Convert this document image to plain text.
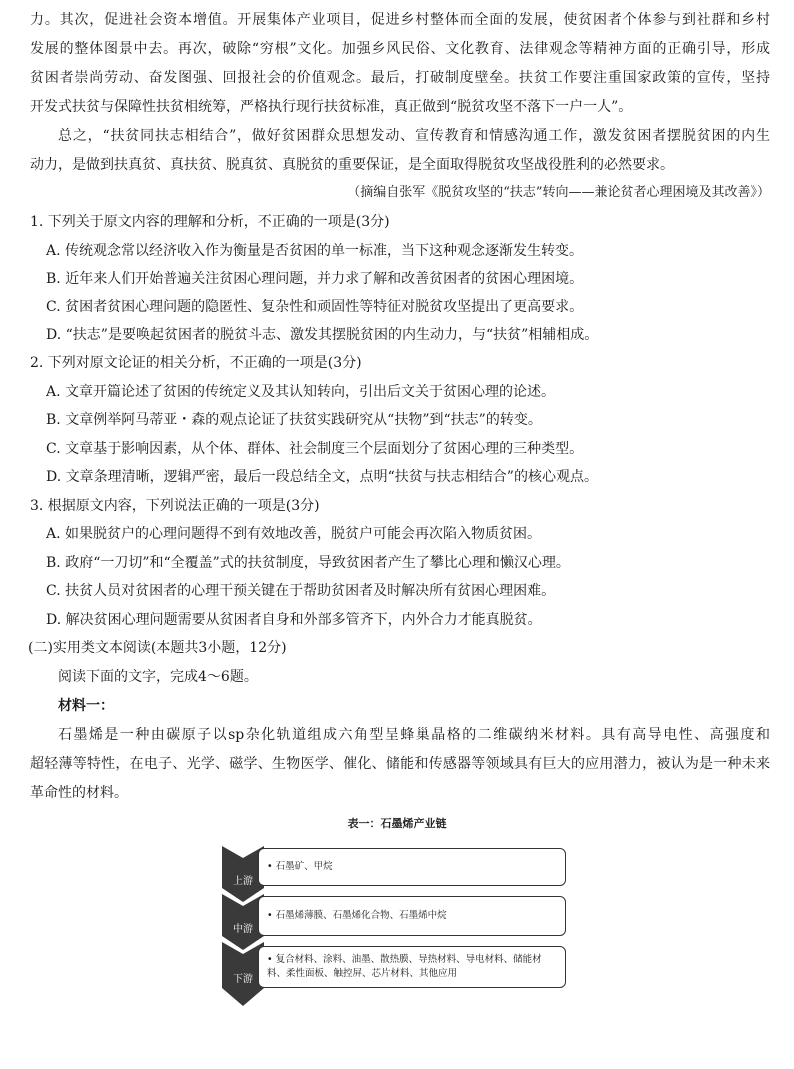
力。其次，促进社会资本增值。开展集体产业项目，促进乡村整体而全面的发展，使贫困者个体参与到社群和乡村
发展的整体图景中去。再次，破除“穷根”文化。加强乡风民俗、文化教育、法律观念等精神方面的正确引导，形成
贫困者崇尚劳动、奋发图强、回报社会的价值观念。最后，打破制度壁垒。扶贫工作要注重国家政策的宣传，坚持
开发式扶贫与保障性扶贫相统筹，严格执行现行扶贫标准，真正做到“脱贫攻坚不落下一户一人”。
总之，“扶贫同扶志相结合”，做好贫困群众思想发动、宣传教育和情感沟通工作，激发贫困者摆脱贫困的内生
动力，是做到扶真贫、真扶贫、脱真贫、真脱贫的重要保证，是全面取得脱贫攻坚战役胜利的必然要求。
（摘编自张军《脱贫攻坚的“扶志”转向——兼论贫者心理困境及其改善》）
1. 下列关于原文内容的理解和分析，不正确的一项是(3分)
A. 传统观念常以经济收入作为衡量是否贫困的单一标准，当下这种观念逐渐发生转变。
B. 近年来人们开始普遍关注贫困心理问题，并力求了解和改善贫困者的贫困心理困境。
C. 贫困者贫困心理问题的隐匿性、复杂性和顽固性等特征对脱贫攻坚提出了更高要求。
D. “扶志”是要唤起贫困者的脱贫斗志、激发其摆脱贫困的内生动力，与“扶贫”相辅相成。
2. 下列对原文论证的相关分析，不正确的一项是(3分)
A. 文章开篇论述了贫困的传统定义及其认知转向，引出后文关于贫困心理的论述。
B. 文章例举阿马蒂亚・森的观点论证了扶贫实践研究从“扶物”到“扶志”的转变。
C. 文章基于影响因素，从个体、群体、社会制度三个层面划分了贫困心理的三种类型。
D. 文章条理清晰，逻辑严密，最后一段总结全文，点明“扶贫与扶志相结合”的核心观点。
3. 根据原文内容，下列说法正确的一项是(3分)
A. 如果脱贫户的心理问题得不到有效地改善，脱贫户可能会再次陷入物质贫困。
B. 政府“一刀切”和“全覆盖”式的扶贫制度，导致贫困者产生了攀比心理和懒汉心理。
C. 扶贫人员对贫困者的心理干预关键在于帮助贫困者及时解决所有贫困心理困难。
D. 解决贫困心理问题需要从贫困者自身和外部多管齐下，内外合力才能真脱贫。
(二)实用类文本阅读(本题共3小题，12分)
阅读下面的文字，完成4～6题。
材料一：
石墨烯是一种由碳原子以sp杂化轨道组成六角型呈蜂巢晶格的二维碳纳米材料。具有高导电性、高强度和
超轻薄等特性，在电子、光学、磁学、生物医学、催化、储能和传感器等领域具有巨大的应用潜力，被认为是一种未来
革命性的材料。
表一：石墨烯产业链
上游
• 石墨矿、甲烷
中游
• 石墨烯薄膜、石墨烯化合物、石墨烯中烷
下游
• 复合材料、涂料、油墨、散热膜、导热材料、导电材料、储能材料、柔性面板、触控屏、芯片材料、其他应用
